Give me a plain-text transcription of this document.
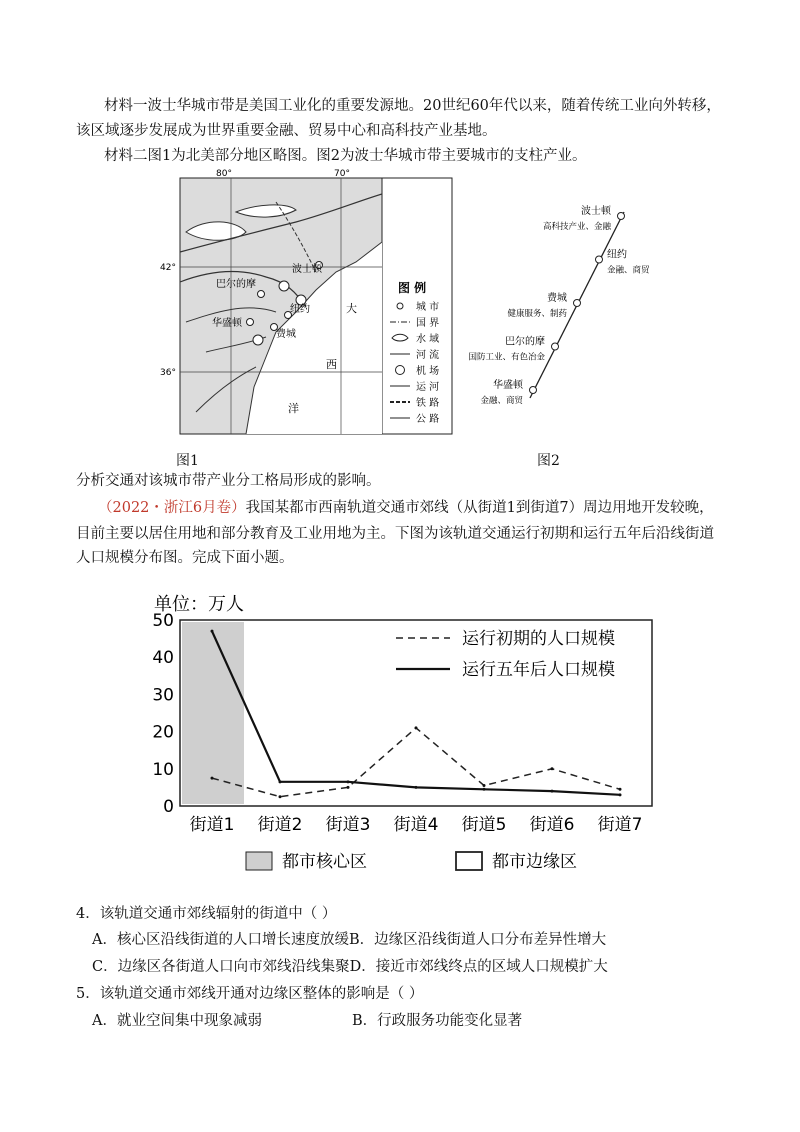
材料一波士华城市带是美国工业化的重要发源地。20世纪60年代以来，随着传统工业向外转移，
该区域逐步发展成为世界重要金融、贸易中心和高科技产业基地。
材料二图1为北美部分地区略图。图2为波士华城市带主要城市的支柱产业。
80°	70°
42°
36°
波士顿
巴尔的摩
纽约
华盛顿
费城
大
西
洋
图 例
城 市
国 界
水 域
河 流
机 场
运 河
铁 路
公 路
波士顿
高科技产业、金融
纽约
金融、商贸
费城
健康服务、制药
巴尔的摩
国防工业、有色冶金
华盛顿
金融、商贸
图1	图2
分析交通对该城市带产业分工格局形成的影响。
（2022・浙江6月卷）我国某都市西南轨道交通市郊线（从街道1到街道7）周边用地开发较晚，
目前主要以居住用地和部分教育及工业用地为主。下图为该轨道交通运行初期和运行五年后沿线街道
人口规模分布图。完成下面小题。
单位：万人
0
10
20
30
40
50
街道1 街道2 街道3 街道4 街道5 街道6 街道7
运行初期的人口规模
运行五年后人口规模
都市核心区	都市边缘区
4．该轨道交通市郊线辐射的街道中（ ）
A．核心区沿线街道的人口增长速度放缓B．边缘区沿线街道人口分布差异性增大
C．边缘区各街道人口向市郊线沿线集聚D．接近市郊线终点的区域人口规模扩大
5．该轨道交通市郊线开通对边缘区整体的影响是（ ）
A．就业空间集中现象减弱	B．行政服务功能变化显著
